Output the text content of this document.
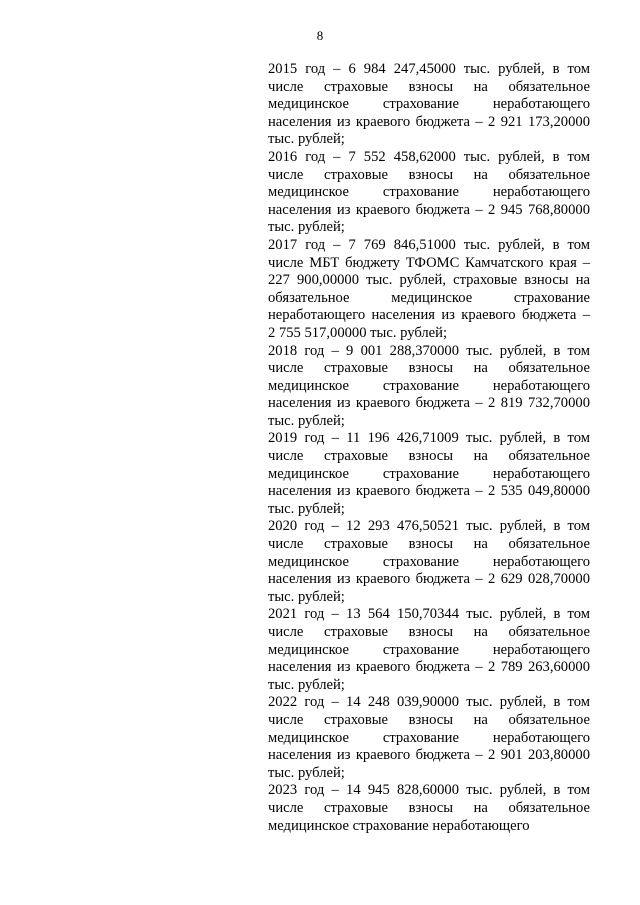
8

2015 год – 6 984 247,45000 тыс. рублей, в том
числе страховые взносы на обязательное
медицинское страхование неработающего
населения из краевого бюджета – 2 921 173,20000
тыс. рублей;

2016 год – 7 552 458,62000 тыс. рублей, в том
числе страховые взносы на обязательное
медицинское страхование неработающего
населения из краевого бюджета – 2 945 768,80000
тыс. рублей;

2017 год – 7 769 846,51000 тыс. рублей, в том
числе МБТ бюджету ТФОМС Камчатского края –
227 900,00000 тыс. рублей, страховые взносы на
обязательное медицинское страхование
неработающего населения из краевого бюджета –
2 755 517,00000 тыс. рублей;

2018 год – 9 001 288,370000 тыс. рублей, в том
числе страховые взносы на обязательное
медицинское страхование неработающего
населения из краевого бюджета – 2 819 732,70000
тыс. рублей;

2019 год – 11 196 426,71009 тыс. рублей, в том
числе страховые взносы на обязательное
медицинское страхование неработающего
населения из краевого бюджета – 2 535 049,80000
тыс. рублей;

2020 год – 12 293 476,50521 тыс. рублей, в том
числе страховые взносы на обязательное
медицинское страхование неработающего
населения из краевого бюджета – 2 629 028,70000
тыс. рублей;

2021 год – 13 564 150,70344 тыс. рублей, в том
числе страховые взносы на обязательное
медицинское страхование неработающего
населения из краевого бюджета – 2 789 263,60000
тыс. рублей;

2022 год – 14 248 039,90000 тыс. рублей, в том
числе страховые взносы на обязательное
медицинское страхование неработающего
населения из краевого бюджета – 2 901 203,80000
тыс. рублей;

2023 год – 14 945 828,60000 тыс. рублей, в том
числе страховые взносы на обязательное
медицинское страхование неработающего
